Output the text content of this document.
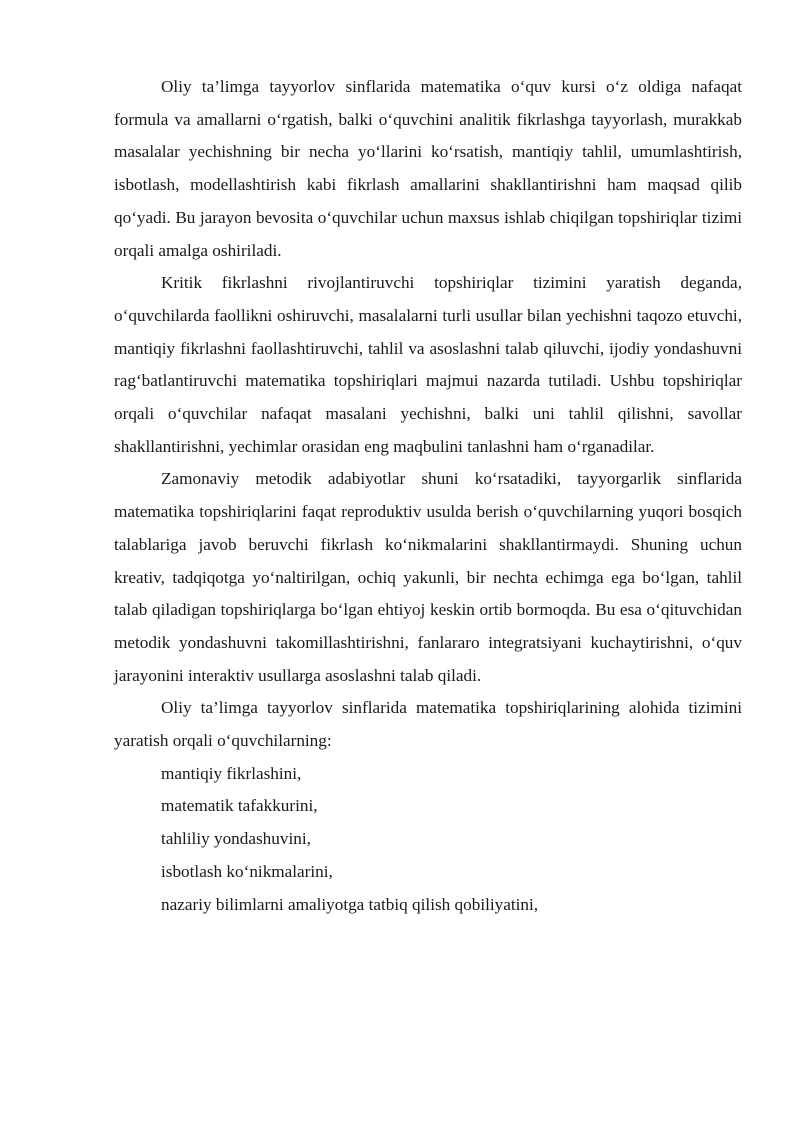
Oliy ta’limga tayyorlov sinflarida matematika o‘quv kursi o‘z oldiga nafaqat formula va amallarni o‘rgatish, balki o‘quvchini analitik fikrlashga tayyorlash, murakkab masalalar yechishning bir necha yo‘llarini ko‘rsatish, mantiqiy tahlil, umumlashtirish, isbotlash, modellashtirish kabi fikrlash amallarini shakllantirishni ham maqsad qilib qo‘yadi. Bu jarayon bevosita o‘quvchilar uchun maxsus ishlab chiqilgan topshiriqlar tizimi orqali amalga oshiriladi.

Kritik fikrlashni rivojlantiruvchi topshiriqlar tizimini yaratish deganda, o‘quvchilarda faollikni oshiruvchi, masalalarni turli usullar bilan yechishni taqozo etuvchi, mantiqiy fikrlashni faollashtiruvchi, tahlil va asoslashni talab qiluvchi, ijodiy yondashuvni rag‘batlantiruvchi matematika topshiriqlari majmui nazarda tutiladi. Ushbu topshiriqlar orqali o‘quvchilar nafaqat masalani yechishni, balki uni tahlil qilishni, savollar shakllantirishni, yechimlar orasidan eng maqbulini tanlashni ham o‘rganadilar.

Zamonaviy metodik adabiyotlar shuni ko‘rsatadiki, tayyorgarlik sinflarida matematika topshiriqlarini faqat reproduktiv usulda berish o‘quvchilarning yuqori bosqich talablariga javob beruvchi fikrlash ko‘nikmalarini shakllantirmaydi. Shuning uchun kreativ, tadqiqotga yo‘naltirilgan, ochiq yakunli, bir nechta echimga ega bo‘lgan, tahlil talab qiladigan topshiriqlarga bo‘lgan ehtiyoj keskin ortib bormoqda. Bu esa o‘qituvchidan metodik yondashuvni takomillashtirishni, fanlararo integratsiyani kuchaytirishni, o‘quv jarayonini interaktiv usullarga asoslashni talab qiladi.

Oliy ta’limga tayyorlov sinflarida matematika topshiriqlarining alohida tizimini yaratish orqali o‘quvchilarning:

mantiqiy fikrlashini,
matematik tafakkurini,
tahliliy yondashuvini,
isbotlash ko‘nikmalarini,
nazariy bilimlarni amaliyotga tatbiq qilish qobiliyatini,
